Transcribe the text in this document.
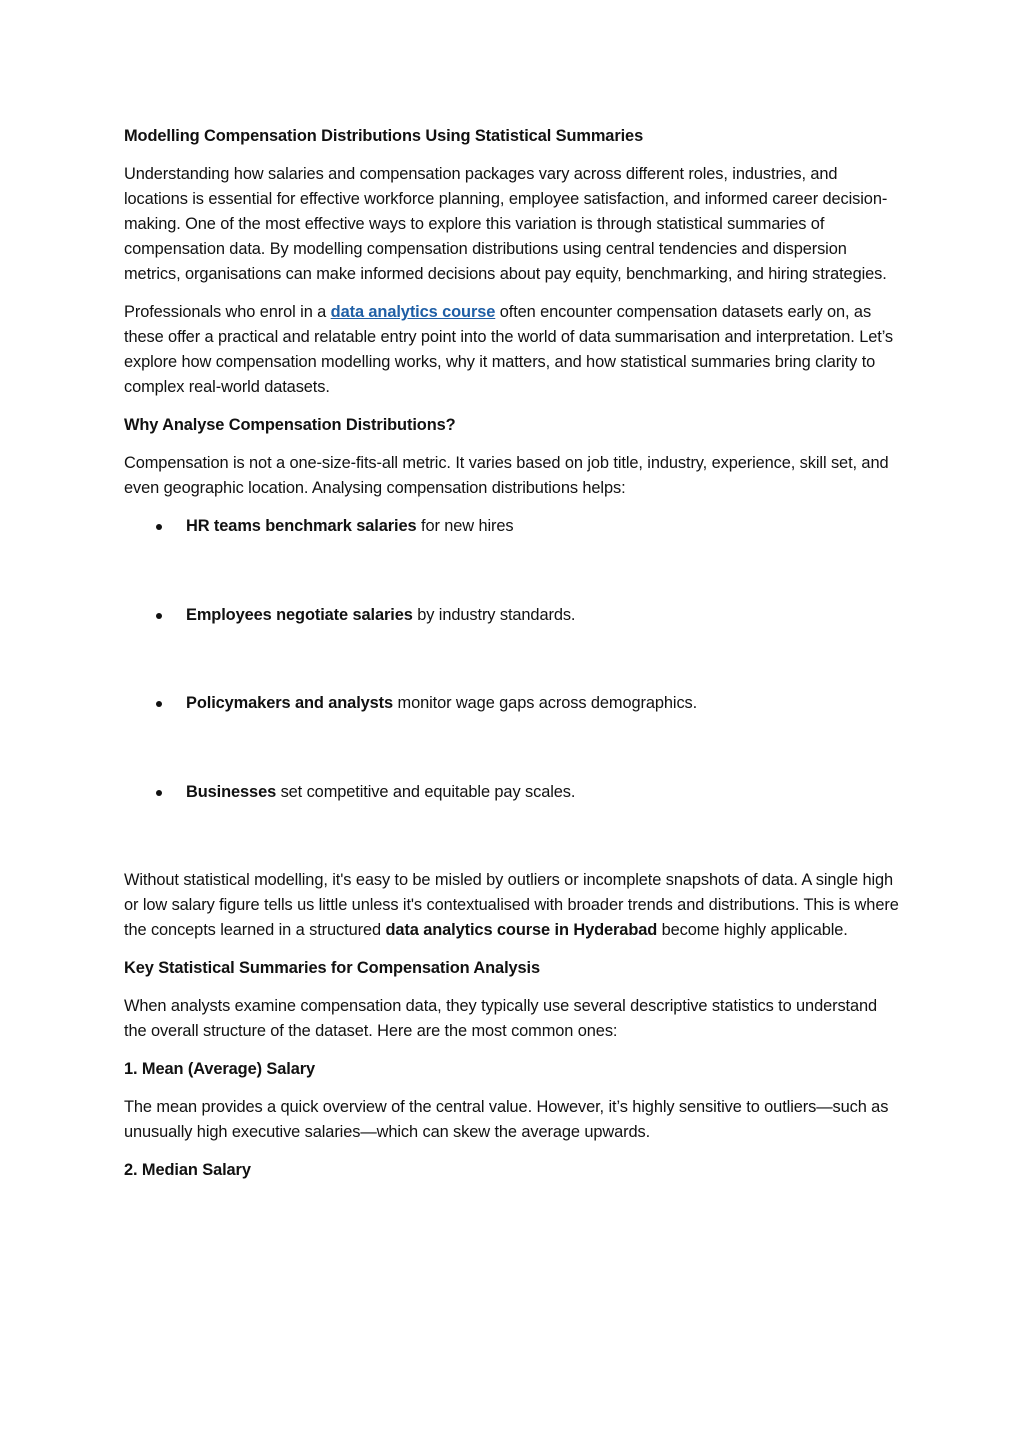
Modelling Compensation Distributions Using Statistical Summaries

Understanding how salaries and compensation packages vary across different roles, industries, and locations is essential for effective workforce planning, employee satisfaction, and informed career decision-making. One of the most effective ways to explore this variation is through statistical summaries of compensation data. By modelling compensation distributions using central tendencies and dispersion metrics, organisations can make informed decisions about pay equity, benchmarking, and hiring strategies.

Professionals who enrol in a data analytics course often encounter compensation datasets early on, as these offer a practical and relatable entry point into the world of data summarisation and interpretation. Let’s explore how compensation modelling works, why it matters, and how statistical summaries bring clarity to complex real-world datasets.

Why Analyse Compensation Distributions?

Compensation is not a one-size-fits-all metric. It varies based on job title, industry, experience, skill set, and even geographic location. Analysing compensation distributions helps:

HR teams benchmark salaries for new hires
Employees negotiate salaries by industry standards.
Policymakers and analysts monitor wage gaps across demographics.
Businesses set competitive and equitable pay scales.

Without statistical modelling, it's easy to be misled by outliers or incomplete snapshots of data. A single high or low salary figure tells us little unless it's contextualised with broader trends and distributions. This is where the concepts learned in a structured data analytics course in Hyderabad become highly applicable.

Key Statistical Summaries for Compensation Analysis

When analysts examine compensation data, they typically use several descriptive statistics to understand the overall structure of the dataset. Here are the most common ones:

1. Mean (Average) Salary

The mean provides a quick overview of the central value. However, it’s highly sensitive to outliers—such as unusually high executive salaries—which can skew the average upwards.

2. Median Salary
